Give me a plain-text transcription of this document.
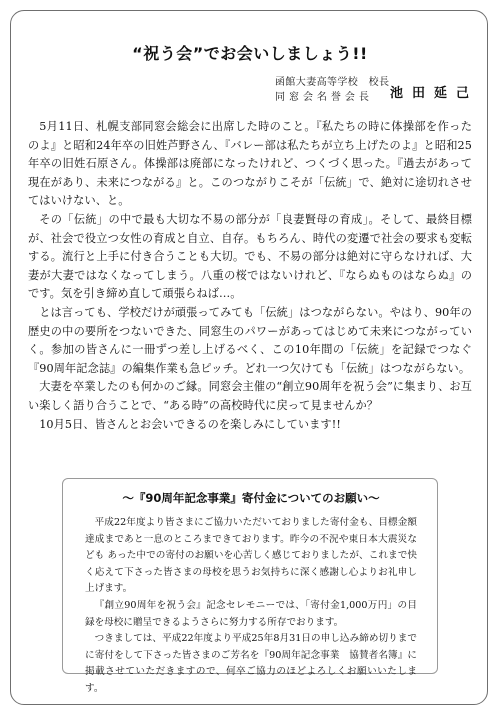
“祝う会”でお会いしましょう!!
函館大妻高等学校　校長
同 窓 会 名 誉 会 長	池田延己

5月11日、札幌支部同窓会総会に出席した時のこと。『私たちの時に体操部を作ったのよ』と昭和24年卒の旧姓芦野さん、『バレー部は私たちが立ち上げたのよ』と昭和25年卒の旧姓石原さん。体操部は廃部になったけれど、つくづく思った。『過去があって現在があり、未来につながる』と。このつながりこそが「伝統」で、絶対に途切れさせてはいけない、と。

その「伝統」の中で最も大切な不易の部分が「良妻賢母の育成」。そして、最終目標が、社会で役立つ女性の育成と自立、自存。もちろん、時代の変遷で社会の要求も変転する。流行と上手に付き合うことも大切。でも、不易の部分は絶対に守らなければ、大妻が大妻ではなくなってしまう。八重の桜ではないけれど、『ならぬものはならぬ』のです。気を引き締め直して頑張らねば…。

とは言っても、学校だけが頑張ってみても「伝統」はつながらない。やはり、90年の歴史の中の要所をつないできた、同窓生のパワーがあってはじめて未来につながっていく。参加の皆さんに一冊ずつ差し上げるべく、この10年間の「伝統」を記録でつなぐ『90周年記念誌』の編集作業も急ピッチ。どれ一つ欠けても「伝統」はつながらない。

大妻を卒業したのも何かのご縁。同窓会主催の“創立90周年を祝う会”に集まり、お互い楽しく語り合うことで、“ある時”の高校時代に戻って見ませんか？

10月5日、皆さんとお会いできるのを楽しみにしています!!

～『90周年記念事業』寄付金についてのお願い～

平成22年度より皆さまにご協力いただいておりました寄付金も、目標金額達成まであと一息のところまできております。昨今の不況や東日本大震災なども あった中での寄付のお願いを心苦しく感じておりましたが、これまで快く応えて下さった皆さまの母校を思うお気持ちに深く感謝し心よりお礼申し上げます。

『創立90周年を祝う会』記念セレモニーでは、「寄付金1,000万円」の目録を母校に贈呈できるようさらに努力する所存でおります。

つきましては、平成22年度より平成25年8月31日の申し込み締め切りまでに寄付をして下さった皆さまのご芳名を『90周年記念事業　協賛者名簿』に掲載させていただきますので、何卒ご協力のほどよろしくお願いいたします。
